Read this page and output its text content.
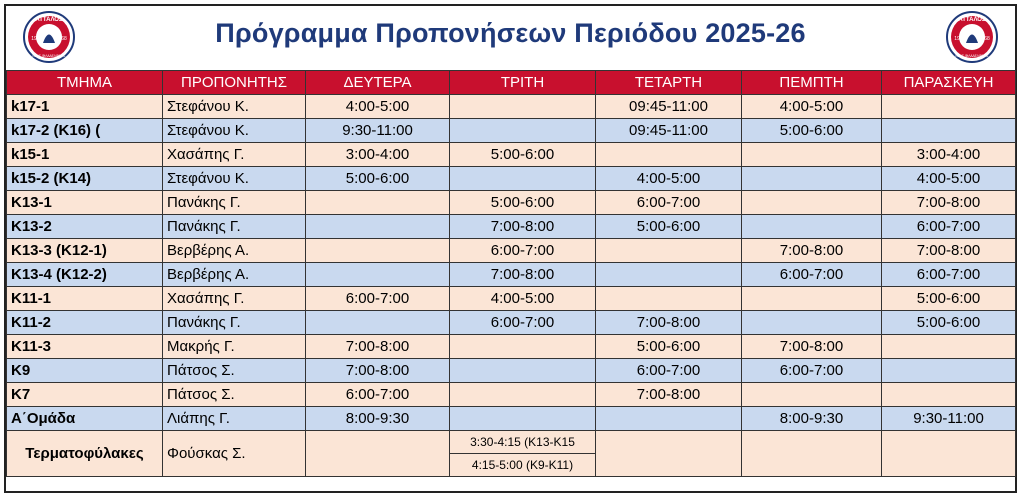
ΑΤΤΑΛΟΣ
19	68
ΝΕΑΣ ΦΙΛΑΔΕΛΦΕΙΑΣ
Πρόγραμμα Προπονήσεων Περιόδου 2025-26	ΑΤΤΑΛΟΣ
19	68
ΝΕΑΣ ΦΙΛΑΔΕΛΦΕΙΑΣ
ΤΜΗΜΑ	ΠΡΟΠΟΝΗΤΗΣ	ΔΕΥΤΕΡΑ	ΤΡΙΤΗ	ΤΕΤΑΡΤΗ	ΠΕΜΠΤΗ	ΠΑΡΑΣΚΕΥΗ
k17-1	Στεφάνου Κ.	4:00-5:00		09:45-11:00	4:00-5:00	
k17-2 (Κ16) (	Στεφάνου Κ.	9:30-11:00		09:45-11:00	5:00-6:00	
k15-1	Χασάπης Γ.	3:00-4:00	5:00-6:00			3:00-4:00
k15-2 (Κ14)	Στεφάνου Κ.	5:00-6:00		4:00-5:00		4:00-5:00
K13-1	Πανάκης Γ.		5:00-6:00	6:00-7:00		7:00-8:00
K13-2	Πανάκης Γ.		7:00-8:00	5:00-6:00		6:00-7:00
K13-3 (K12-1)	Βερβέρης Α.		6:00-7:00		7:00-8:00	7:00-8:00
K13-4 (K12-2)	Βερβέρης Α.		7:00-8:00		6:00-7:00	6:00-7:00
K11-1	Χασάπης Γ.	6:00-7:00	4:00-5:00			5:00-6:00
K11-2	Πανάκης Γ.		6:00-7:00	7:00-8:00		5:00-6:00
K11-3	Μακρής Γ.	7:00-8:00		5:00-6:00	7:00-8:00	
K9	Πάτσος Σ.	7:00-8:00		6:00-7:00	6:00-7:00	
K7	Πάτσος Σ.	6:00-7:00		7:00-8:00		
Α΄Ομάδα	Λιάπης Γ.	8:00-9:30			8:00-9:30	9:30-11:00
Τερματοφύλακες	Φούσκας Σ.		3:30-4:15 (K13-K15
4:15-5:00 (K9-K11)			
